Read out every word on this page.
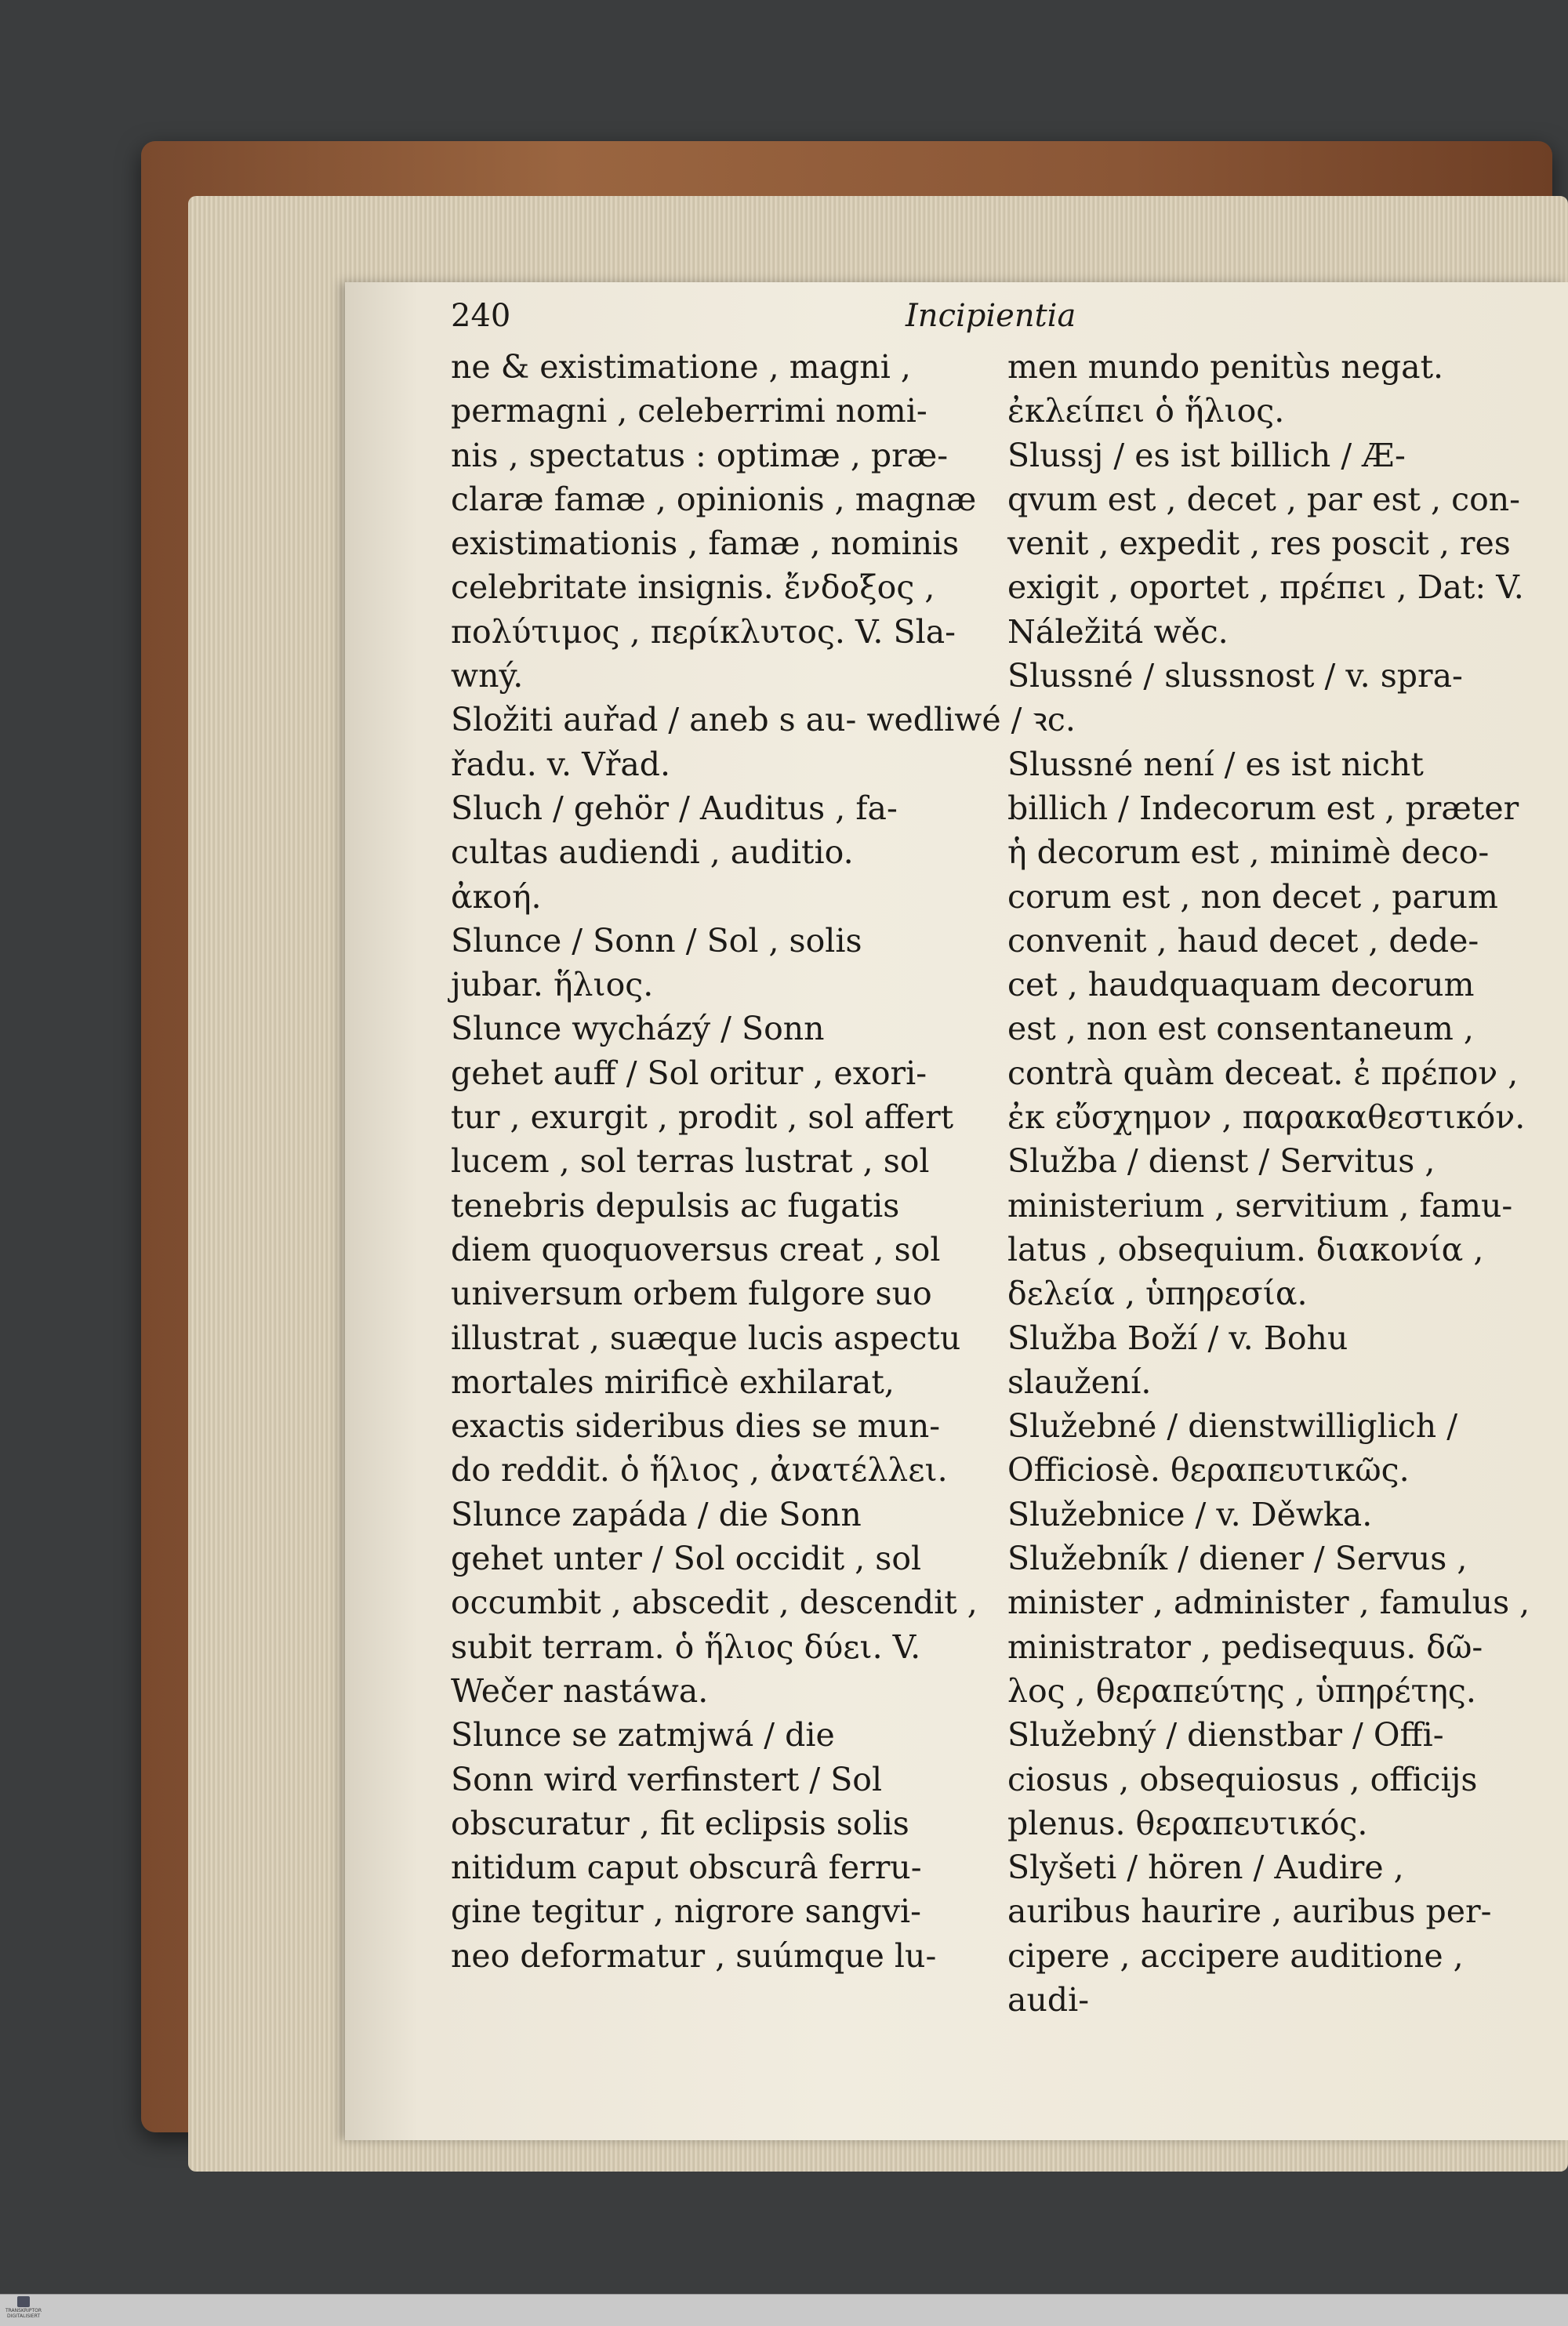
TRANSKRIPTOR
DIGITALISIERT
240	Incipientia
ne & existimatione , magni ,
permagni , celeberrimi nomi-
nis , spectatus : optimæ , præ-
claræ famæ , opinionis , magnæ
existimationis , famæ , nominis
celebritate insignis. ἔνδοξος ,
πολύτιμος , περίκλυτος. V. Sla-
wný.
Složiti auřad / aneb s au- wedliwé / ꝛc.
řadu. v. Vřad.
Sluch / gehör / Auditus , fa-
cultas audiendi , auditio.
ἀκοή.
Slunce / Sonn / Sol , solis
jubar. ἥλιος.
Slunce wycházý / Sonn
gehet auff / Sol oritur , exori-
tur , exurgit , prodit , sol affert
lucem , sol terras lustrat , sol
tenebris depulsis ac fugatis
diem quoquoversus creat , sol
universum orbem fulgore suo
illustrat , suæque lucis aspectu
mortales mirificè exhilarat,
exactis sideribus dies se mun-
do reddit. ὁ ἥλιος , ἀνατέλλει.
Slunce zapáda / die Sonn
gehet unter / Sol occidit , sol
occumbit , abscedit , descendit ,
subit terram. ὁ ἥλιος δύει. V.
Wečer nastáwa.
Slunce se zatmjwá / die
Sonn wird verfinstert / Sol
obscuratur , fit eclipsis solis
nitidum caput obscurâ ferru-
gine tegitur , nigrore sangvi-
neo deformatur , suúmque lu-
men mundo penitùs negat.
ἐκλείπει ὁ ἥλιος.
Slussj / es ist billich / Æ-
qvum est , decet , par est , con-
venit , expedit , res poscit , res
exigit , oportet , πρέπει , Dat: V.
Náležitá wěc.
Slussné / slussnost / v. spra-
Slussné není / es ist nicht
billich / Indecorum est , præter
ἡ decorum est , minimè deco-
corum est , non decet , parum
convenit , haud decet , dede-
cet , haudquaquam decorum
est , non est consentaneum ,
contrà quàm deceat. ἐ πρέπον ,
ἐκ εὔσχημον , παρακαθεστικόν.
Služba / dienst / Servitus ,
ministerium , servitium , famu-
latus , obsequium. διακονία ,
δελεία , ὑπηρεσία.
Služba Boží / v. Bohu
slaužení.
Služebné / dienstwilliglich /
Officiosè. θεραπευτικῶς.
Služebnice / v. Děwka.
Služebník / diener / Servus ,
minister , administer , famulus ,
ministrator , pedisequus. δῶ-
λος , θεραπεύτης , ὑπηρέτης.
Služebný / dienstbar / Offi-
ciosus , obsequiosus , officijs
plenus. θεραπευτικός.
Slyšeti / hören / Audire ,
auribus haurire , auribus per-
cipere , accipere auditione ,
audi-
